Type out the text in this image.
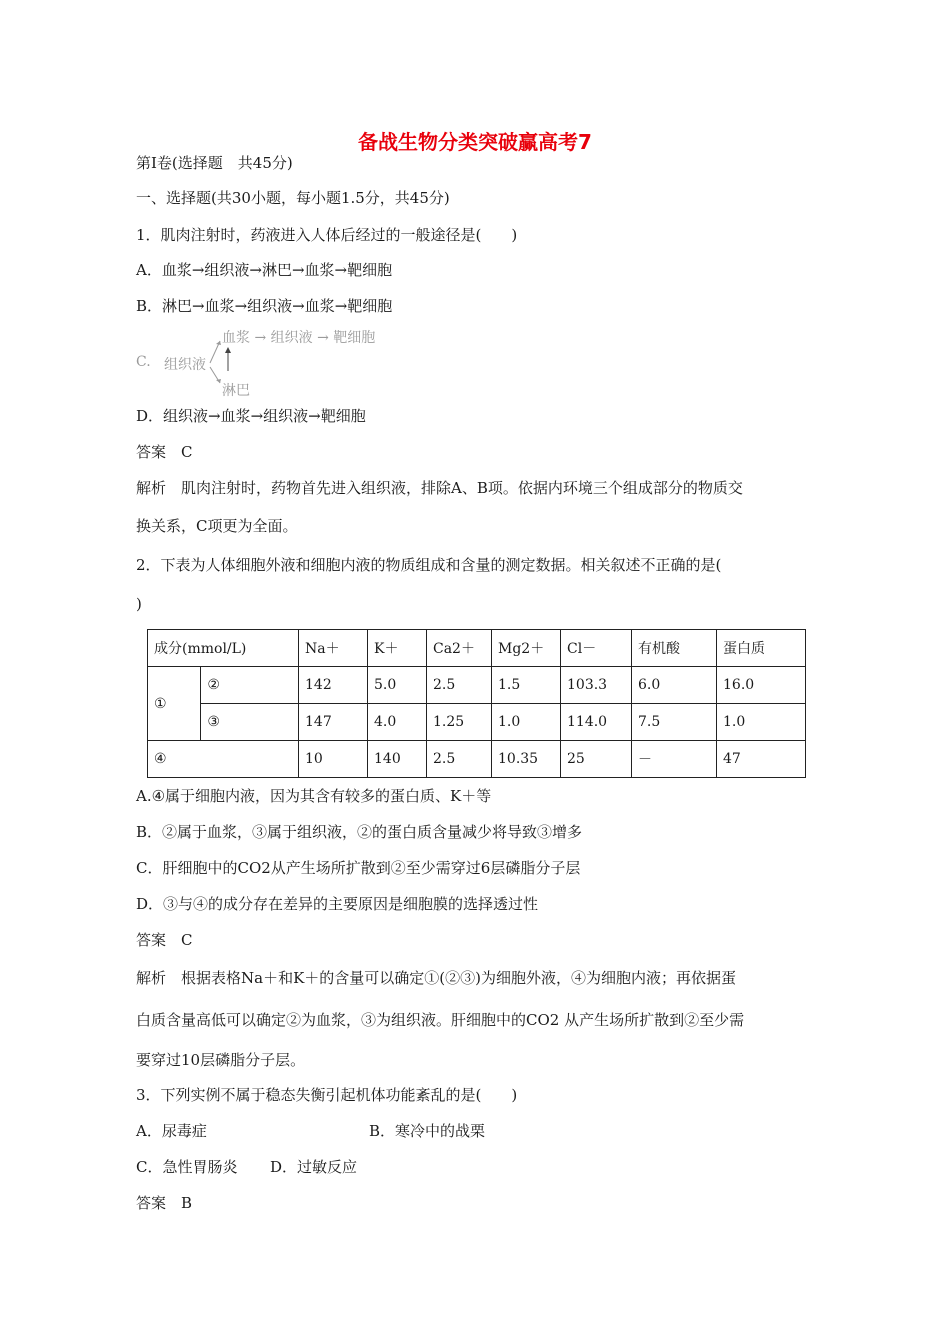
备战生物分类突破赢高考7
第Ⅰ卷(选择题　共45分)
一、选择题(共30小题，每小题1.5分，共45分)
1．肌肉注射时，药液进入人体后经过的一般途径是(　　)
A．血浆→组织液→淋巴→血浆→靶细胞
B．淋巴→血浆→组织液→血浆→靶细胞
C. 组织液
血浆 → 组织液 → 靶细胞
淋巴
D．组织液→血浆→组织液→靶细胞
答案　C
解析　肌肉注射时，药物首先进入组织液，排除A、B项。依据内环境三个组成部分的物质交
换关系，C项更为全面。
2．下表为人体细胞外液和细胞内液的物质组成和含量的测定数据。相关叙述不正确的是(
)
成分(mmol/L)		Na＋	K＋	Ca2＋	Mg2＋	Cl－	有机酸	蛋白质
①	②	142	5.0	2.5	1.5	103.3	6.0	16.0
	③	147	4.0	1.25	1.0	114.0	7.5	1.0
④		10	140	2.5	10.35	25	－	47
A.④属于细胞内液，因为其含有较多的蛋白质、K＋等
B．②属于血浆，③属于组织液，②的蛋白质含量减少将导致③增多
C．肝细胞中的CO2从产生场所扩散到②至少需穿过6层磷脂分子层
D．③与④的成分存在差异的主要原因是细胞膜的选择透过性
答案　C
解析　根据表格Na＋和K＋的含量可以确定①(②③)为细胞外液，④为细胞内液；再依据蛋
白质含量高低可以确定②为血浆，③为组织液。肝细胞中的CO2 从产生场所扩散到②至少需
要穿过10层磷脂分子层。
3．下列实例不属于稳态失衡引起机体功能紊乱的是(　　)
A．尿毒症	B．寒冷中的战栗
C．急性胃肠炎 D．过敏反应
答案　B
